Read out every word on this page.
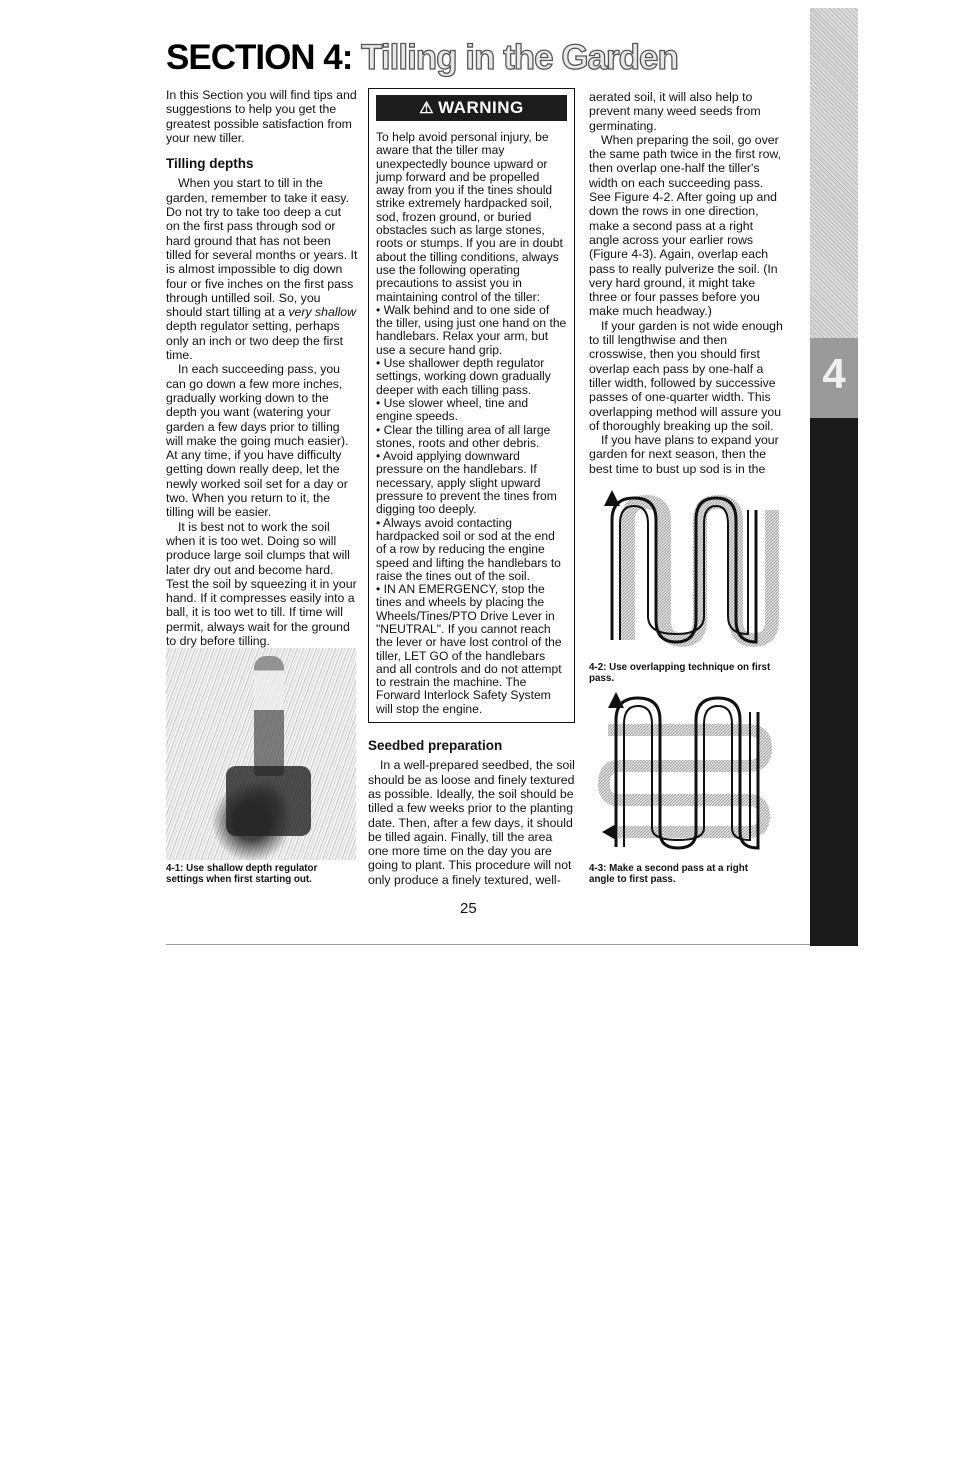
4
SECTION 4: Tilling in the Garden

In this Section you will find tips and suggestions to help you get the greatest possible satisfaction from your new tiller.

Tilling depths

When you start to till in the garden, remember to take it easy. Do not try to take too deep a cut on the first pass through sod or hard ground that has not been tilled for several months or years. It is almost impossible to dig down four or five inches on the first pass through untilled soil. So, you should start tilling at a very shallow depth regulator setting, perhaps only an inch or two deep the first time.

In each succeeding pass, you can go down a few more inches, gradually working down to the depth you want (watering your garden a few days prior to tilling will make the going much easier). At any time, if you have difficulty getting down really deep, let the newly worked soil set for a day or two. When you return to it, the tilling will be easier.

It is best not to work the soil when it is too wet. Doing so will produce large soil clumps that will later dry out and become hard. Test the soil by squeezing it in your hand. If it compresses easily into a ball, it is too wet to till. If time will permit, always wait for the ground to dry before tilling.

4-1: Use shallow depth regulator settings when first starting out.
⚠ WARNING

To help avoid personal injury, be aware that the tiller may unexpectedly bounce upward or jump forward and be propelled away from you if the tines should strike extremely hardpacked soil, sod, frozen ground, or buried obstacles such as large stones, roots or stumps. If you are in doubt about the tilling conditions, always use the following operating precautions to assist you in maintaining control of the tiller:

• Walk behind and to one side of the tiller, using just one hand on the handlebars. Relax your arm, but use a secure hand grip.

• Use shallower depth regulator settings, working down gradually deeper with each tilling pass.

• Use slower wheel, tine and engine speeds.

• Clear the tilling area of all large stones, roots and other debris.

• Avoid applying downward pressure on the handlebars. If necessary, apply slight upward pressure to prevent the tines from digging too deeply.

• Always avoid contacting hardpacked soil or sod at the end of a row by reducing the engine speed and lifting the handlebars to raise the tines out of the soil.

• IN AN EMERGENCY, stop the tines and wheels by placing the Wheels/Tines/PTO Drive Lever in "NEUTRAL". If you cannot reach the lever or have lost control of the tiller, LET GO of the handlebars and all controls and do not attempt to restrain the machine. The Forward Interlock Safety System will stop the engine.

Seedbed preparation

In a well-prepared seedbed, the soil should be as loose and finely textured as possible. Ideally, the soil should be tilled a few weeks prior to the planting date. Then, after a few days, it should be tilled again. Finally, till the area one more time on the day you are going to plant. This procedure will not only produce a finely textured, well-

aerated soil, it will also help to prevent many weed seeds from germinating.

When preparing the soil, go over the same path twice in the first row, then overlap one-half the tiller's width on each succeeding pass. See Figure 4-2. After going up and down the rows in one direction, make a second pass at a right angle across your earlier rows (Figure 4-3). Again, overlap each pass to really pulverize the soil. (In very hard ground, it might take three or four passes before you make much headway.)

If your garden is not wide enough to till lengthwise and then crosswise, then you should first overlap each pass by one-half a tiller width, followed by successive passes of one-quarter width. This overlapping method will assure you of thoroughly breaking up the soil.

If you have plans to expand your garden for next season, then the best time to bust up sod is in the

4-2: Use overlapping technique on first pass.
4-3: Make a second pass at a right angle to first pass.
25
